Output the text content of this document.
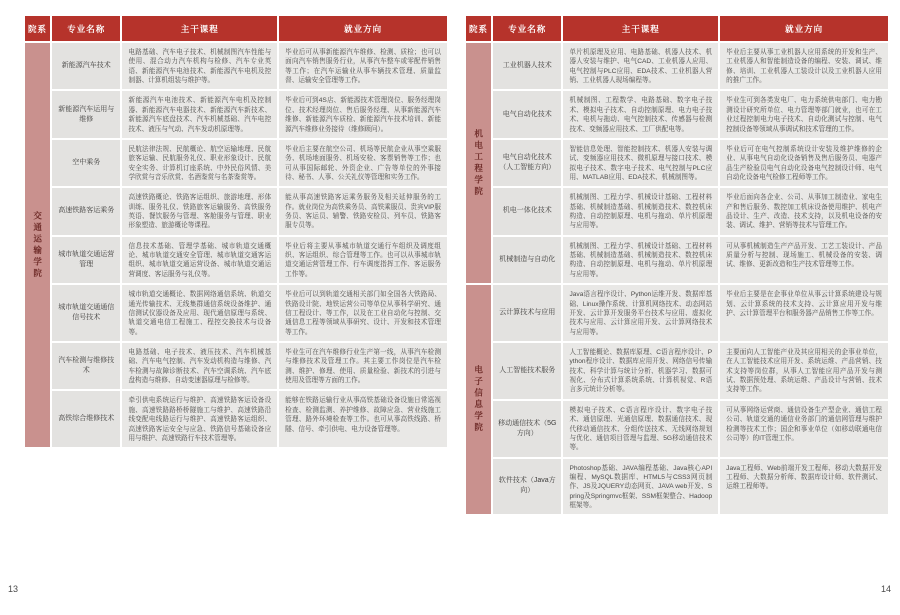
院系	专业名称	主干课程	就业方向
交通运输学院	新能源汽车技术	电路基础、汽车电子技术、机械制图汽车性能与使用、混合动力汽车机构与检修、汽车专业英语、新能源汽车电池技术、新能源汽车电机及控制器、计算机组装与维护等。	毕业后可从事新能源汽车维修、检测、质检；也可以面向汽车销售服务行业，从事汽车整车或零配件销售等工作；在汽车运输业从事车辆技术管理、质量监督、运输安全管理等工作。
	新能源汽车运用与维修	新能源汽车电池技术、新能源汽车电机及控制器、新能源汽车电器技术、新能源汽车新技术、新能源汽车底盘技术、汽车机械基础、汽车电控技术、液压与气动、汽车发动机原理等。	毕业后可到4S店、新能源技术管理岗位、服务经理岗位、技术经理岗位、售后服务经理、从事新能源汽车维修、新能源汽车质检、新能源汽车技术培训、新能源汽车维修业务接待（维修顾问）。
	空中乘务	民航法律法规、民航概论、航空运输地理、民航旅客运输、民航服务礼仪、职业形象设计、民航安全实务、计算机订座系统、中外民俗风情、美学欣赏与音乐欣赏、名酒鉴赏与名茶鉴赏等。	毕业后主要在航空公司、机场等民航企业从事空乘服务、机场地面服务、机场安检、客票销售等工作；也可从事国际邮轮、外资企业、广告等单位的外事接待、秘书、人事、公关礼仪等管理和实务工作。
	高速铁路客运乘务	高速铁路概论、铁路客运组织、旅游地理、形体训练、服务礼仪、铁路旅客运输服务、高铁服务英语、餐饮服务与管理、客舱服务与管理、职业形象塑造、旅游概论等课程。	能从事高速铁路客运乘务服务及相关延伸服务的工作。就业岗位为高铁乘务员、高铁乘服员、贵宾VIP服务员、客运员、辅警、铁路安检员、列车员、铁路客服专员等。
	城市轨道交通运营管理	信息技术基础、管理学基础、城市轨道交通概论、城市轨道交通安全管理、城市轨道交通客运组织、城市轨道交通运营设备、城市轨道交通运营调度、客运服务与礼仪等。	毕业后将主要从事城市轨道交通行车组织及调度组织、客运组织、综合管理等工作。也可以从事城市轨道交通运营管理工作、行车调度指挥工作、客运服务工作等。
	城市轨道交通通信信号技术	城市轨道交通概论、数据网络通信系统、轨道交通光传输技术、无线集群通信系统设备维护、通信测试仪器设备及应用、现代通信原理与系统、轨道交通电信工程施工、程控交换技术与设备等。	毕业后可以到轨道交通相关部门如全国各大铁路局、铁路设计院、地铁运营公司等单位从事科学研究、通信工程设计、等工作，以及在工业自动化与控制、交通信息工程等领域从事研究、设计、开发和技术管理等工作。
	汽车检测与维修技术	电路基础、电子技术、液压技术、汽车机械基础、汽车电气控制、汽车发动机构造与维修、汽车检测与故障诊断技术、汽车空调系统、汽车底盘构造与维修、自动变速器原理与检修等。	毕业生可在汽车维修行业生产第一线，从事汽车检测与维修技术及管理工作。其主要工作岗位是汽车检测、维护、修理、使用、质量检验、新技术的引进与使用及管理等方面的工作。
	高铁综合维修技术	牵引供电系统运行与维护、高速铁路客运设备设施、高速铁路路桥桥隧施工与维护、高速铁路沿线变配电线路运行与维护、高速铁路客运组织、高速铁路客运安全与应急、铁路信号基础设备应用与维护、高速铁路行车技术管理等。	能够在铁路运输行业从事高铁基础设备设施日常巡视检查、检测监测、养护维修、故障应急、营业线施工管理、路外环境检查等工作。也可从事高铁线路、桥隧、信号、牵引供电、电力设备管理等。
院系	专业名称	主干课程	就业方向
机电工程学院	工业机器人技术	单片机原理及应用、电路基础、机器人技术、机器人安装与维护、电气CAD、工业机器人应用、电气控制与PLC应用、EDA技术、工业机器人营销、工业机器人现场编程等。	毕业后主要从事工业机器人应用系统的开发和生产、工业机器人和智能制造设备的编程、安装、调试、维修、培训、工业机器人工装设计以及工业机器人应用的推广工作。
	电气自动化技术	机械制图、工程数学、电路基础、数字电子技术、模拟电子技术、自动控制原理、电力电子技术、电机与拖动、电气控制技术、传感器与检测技术、变频器应用技术、工厂供配电等。	毕业生可到各类发电厂、电力系统供电部门、电力勘测设计研究所单位、电力管理等部门就业，也可在工业过程控制电力电子技术、自动化测试与控制、电气控制设备等领域从事调试和技术管理的工作。
	电气自动化技术（人工智能方向）	智能信息处理、智能控制技术、机器人安装与调试、变频器应用技术、微机原理与接口技术、模拟电子技术、数字电子技术、电气控制与PLC应用、MATLAB应用、EDA技术、机械制图等。	毕业后可在电气控制系统设计安装及维护维修的企业、从事电气自动化设备销售及售后服务员、电器产品生产检验员电气自动化设备电气控制设计师、电气自动化设备电气检修工程师等工作。
	机电一体化技术	机械制图、工程力学、机械设计基础、工程材料基础、机械制造基础、机械制造技术、数控机床构造、自动控制原理、电机与拖动、单片机原理与应用等。	毕业后面向各企业、公司、从事加工制造业、家电生产和售后服务、数控加工机床设备使用维护、机电产品设计、生产、改造、技术支持，以及机电设备的安装、调试、维护、营销等技术与管理工作。
	机械制造与自动化	机械制图、工程力学、机械设计基础、工程材料基础、机械制造基础、机械制造技术、数控机床构造、自动控制原理、电机与拖动、单片机原理与应用等。	可从事机械制造生产产品开发、工艺工装设计、产品质量分析与控制、现场施工、机械设备的安装、调试、维修、更新改造和生产技术管理等工作。
电子信息学院	云计算技术与应用	Java语言程序设计、Python运维开发、数据库基础、Linux操作系统、计算机网络技术、动态网站开发、云计算开发服务平台技术与应用、虚拟化技术与应用、云计算应用开发、云计算网络技术与应用等。	毕业后主要是在企事业单位从事云计算系统建设与规划、云计算系统的技术支持、云计算应用开发与维护、云计算管理平台和服务器产品销售工作等工作。
	人工智能技术服务	人工智能概论、数据库原理、C语言程序设计、Python程序设计、数据库应用开发、网络信号传输技术、科学计算与统计分析、机器学习、数据可视化、分布式计算系统系统、计算机视觉、R语言多元统计分析等。	主要面向人工智能产业及其应用相关的企事业单位，在人工智能技术应用开发、系统运维、产品营销、技术支持等岗位群，从事人工智能应用产品开发与测试、数据预处理、系统运维、产品设计与营销、技术支持等工作。
	移动通信技术（5G方向）	模拟电子技术、C语言程序设计、数字电子技术、通信原理、光通信原理、数据通信技术、现代移动通信技术、分组传送技术、无线网络规划与优化、通信项目管理与监理、5G移动通信技术等。	可从事网络运营商、通信设备生产型企业、通信工程公司、轨道交通的通信业务部门的通信网管理与维护检测等技术工作；国企和事业单位（如移动联通电信公司等）的IT管理工作。
	软件技术（Java方向）	Photoshop基础、JAVA编程基础、Java核心API编程、MySQL数据库、HTML5与CSS3网页制作、JS及JQUERY动态网页、JAVA web开发、Spring及Springmvc框架、SSM框架整合、Hadoop框架等。	Java工程师、Web前端开发工程师、移动大数据开发工程师、大数据分析师、数据库设计师、软件测试、运维工程师等。
13	14
